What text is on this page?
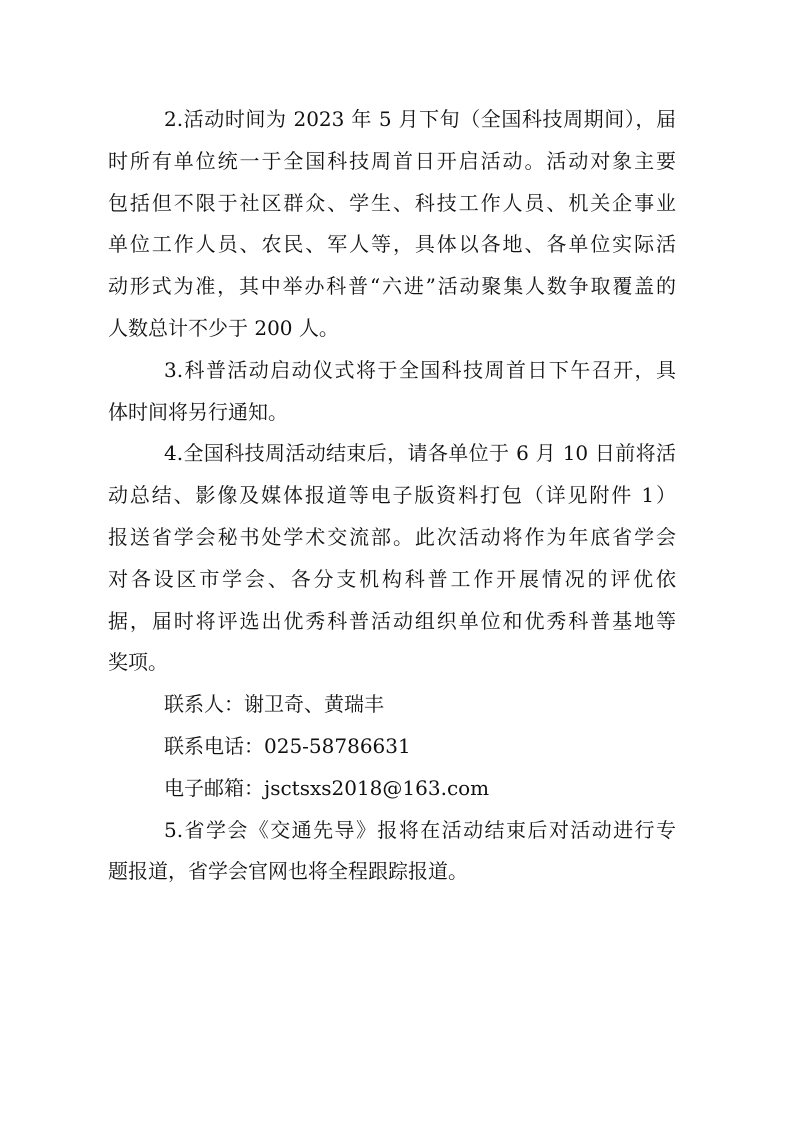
2.活动时间为 2023 年 5 月下旬（全国科技周期间），届
时所有单位统一于全国科技周首日开启活动。活动对象主要
包括但不限于社区群众、学生、科技工作人员、机关企事业
单位工作人员、农民、军人等，具体以各地、各单位实际活
动形式为准，其中举办科普“六进”活动聚集人数争取覆盖的
人数总计不少于 200 人。
3.科普活动启动仪式将于全国科技周首日下午召开，具
体时间将另行通知。
4.全国科技周活动结束后，请各单位于 6 月 10 日前将活
动总结、影像及媒体报道等电子版资料打包（详见附件 1）
报送省学会秘书处学术交流部。此次活动将作为年底省学会
对各设区市学会、各分支机构科普工作开展情况的评优依
据，届时将评选出优秀科普活动组织单位和优秀科普基地等
奖项。
联系人：谢卫奇、黄瑞丰
联系电话：025-58786631
电子邮箱：jsctsxs2018@163.com
5.省学会《交通先导》报将在活动结束后对活动进行专
题报道，省学会官网也将全程跟踪报道。
